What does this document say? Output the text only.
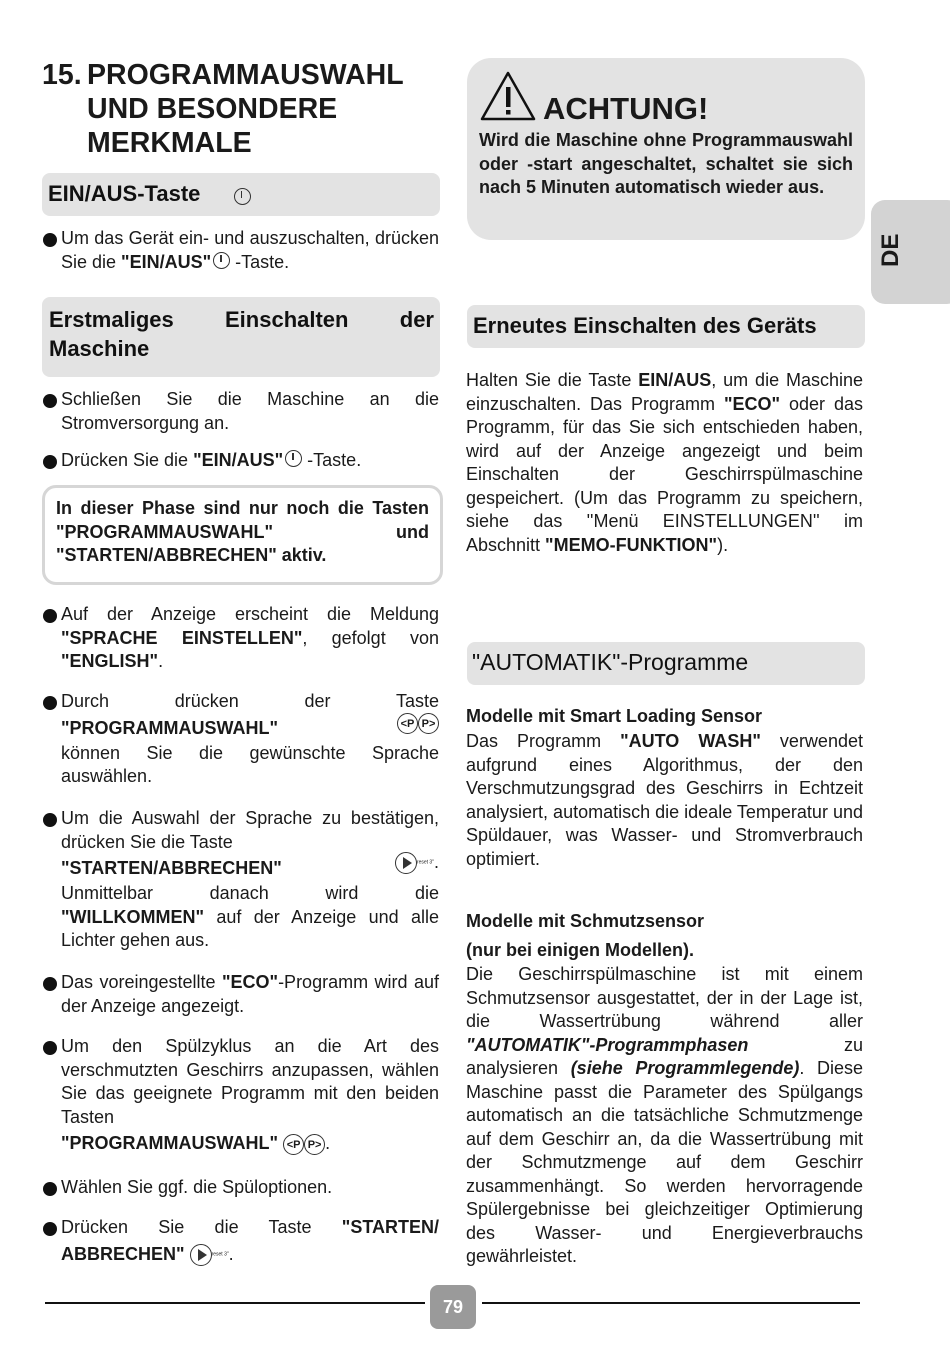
15. PROGRAMMAUSWAHL UND BESONDERE MERKMALE
EIN/AUS-Taste
Um das Gerät ein- und auszuschalten, drücken Sie die "EIN/AUS" -Taste.
Erstmaliges Einschalten der Maschine
Schließen Sie die Maschine an die Stromversorgung an.
Drücken Sie die "EIN/AUS" -Taste.
In dieser Phase sind nur noch die Tasten "PROGRAMMAUSWAHL" und "STARTEN/ABBRECHEN" aktiv.
Auf der Anzeige erscheint die Meldung "SPRACHE EINSTELLEN", gefolgt von "ENGLISH".
Durch drücken der Taste
"PROGRAMMAUSWAHL"	<P P>
können Sie die gewünschte Sprache auswählen.
Um die Auswahl der Sprache zu bestätigen, drücken Sie die Taste
"STARTEN/ABBRECHEN"	reset 3".
Unmittelbar danach wird die
"WILLKOMMEN" auf der Anzeige und alle Lichter gehen aus.
Das voreingestellte "ECO"-Programm wird auf der Anzeige angezeigt.
Um den Spülzyklus an die Art des verschmutzten Geschirrs anzupassen, wählen Sie das geeignete Programm mit den beiden Tasten
"PROGRAMMAUSWAHL" <P P> .
Wählen Sie ggf. die Spüloptionen.
Drücken Sie die Taste "STARTEN/
ABBRECHEN"	reset 3".
ACHTUNG!
Wird die Maschine ohne Programmauswahl oder -start angeschaltet, schaltet sie sich nach 5 Minuten automatisch wieder aus.
DE
Erneutes Einschalten des Geräts
Halten Sie die Taste EIN/AUS, um die Maschine einzuschalten. Das Programm "ECO" oder das Programm, für das Sie sich entschieden haben, wird auf der Anzeige angezeigt und beim Einschalten der Geschirrspülmaschine gespeichert. (Um das Programm zu speichern, siehe das ''Menü EINSTELLUNGEN'' im Abschnitt "MEMO-FUNKTION").
"AUTOMATIK"-Programme
Modelle mit Smart Loading Sensor
Das Programm "AUTO WASH" verwendet aufgrund eines Algorithmus, der den Verschmutzungsgrad des Geschirrs in Echtzeit analysiert, automatisch die ideale Temperatur und Spüldauer, was Wasser- und Stromverbrauch optimiert.
Modelle mit Schmutzsensor
(nur bei einigen Modellen).
Die Geschirrspülmaschine ist mit einem Schmutzsensor ausgestattet, der in der Lage ist, die Wassertrübung während aller "AUTOMATIK"-Programmphasen zu analysieren (siehe Programmlegende). Diese Maschine passt die Parameter des Spülgangs automatisch an die tatsächliche Schmutzmenge auf dem Geschirr an, da die Wassertrübung mit der Schmutzmenge auf dem Geschirr zusammenhängt. So werden hervorragende Spülergebnisse bei gleichzeitiger Optimierung des Wasser- und Energieverbrauchs gewährleistet.
79
